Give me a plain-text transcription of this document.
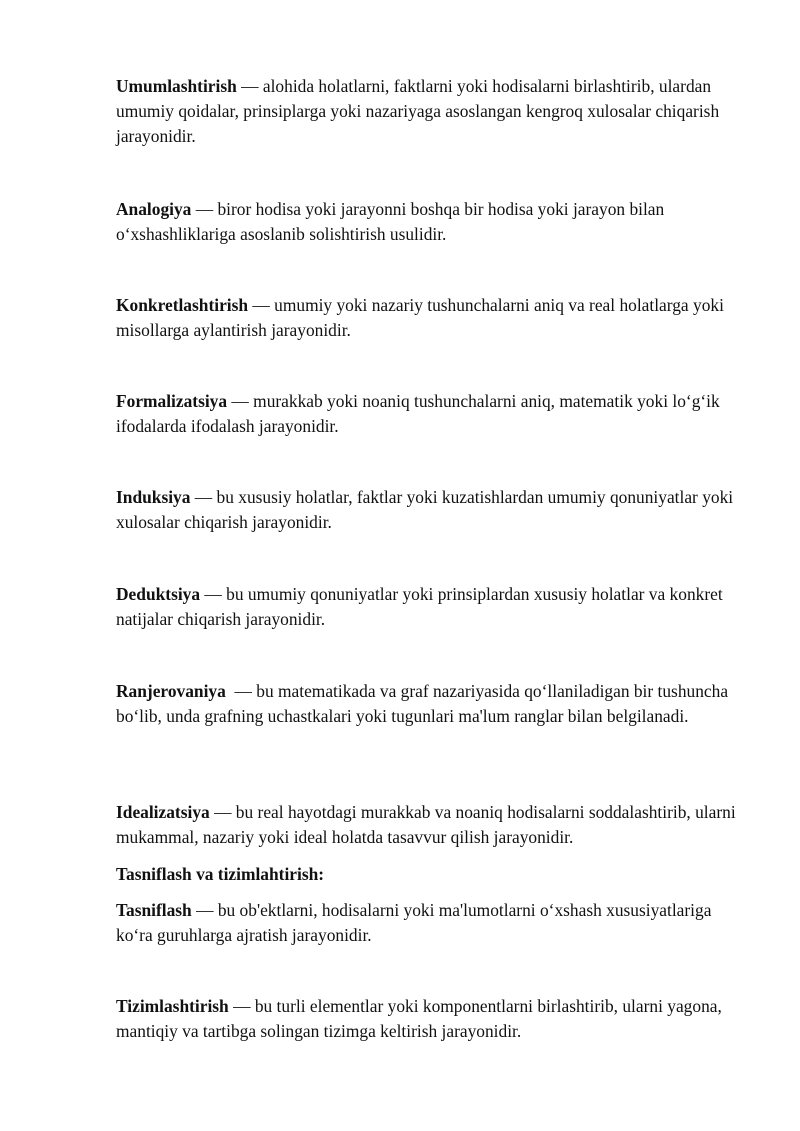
Umumlashtirish — alohida holatlarni, faktlarni yoki hodisalarni birlashtirib, ulardan umumiy qoidalar, prinsiplarga yoki nazariyaga asoslangan kengroq xulosalar chiqarish jarayonidir.

Analogiya — biror hodisa yoki jarayonni boshqa bir hodisa yoki jarayon bilan o‘xshashliklariga asoslanib solishtirish usulidir.

Konkretlashtirish — umumiy yoki nazariy tushunchalarni aniq va real holatlarga yoki misollarga aylantirish jarayonidir.

Formalizatsiya — murakkab yoki noaniq tushunchalarni aniq, matematik yoki lo‘g‘ik ifodalarda ifodalash jarayonidir.

Induksiya — bu xususiy holatlar, faktlar yoki kuzatishlardan umumiy qonuniyatlar yoki xulosalar chiqarish jarayonidir.

Deduktsiya — bu umumiy qonuniyatlar yoki prinsiplardan xususiy holatlar va konkret natijalar chiqarish jarayonidir.

Ranjerovaniya  — bu matematikada va graf nazariyasida qo‘llaniladigan bir tushuncha bo‘lib, unda grafning uchastkalari yoki tugunlari ma'lum ranglar bilan belgilanadi.

Idealizatsiya — bu real hayotdagi murakkab va noaniq hodisalarni soddalashtirib, ularni mukammal, nazariy yoki ideal holatda tasavvur qilish jarayonidir.

Tasniflash va tizimlahtirish:

Tasniflash — bu ob'ektlarni, hodisalarni yoki ma'lumotlarni o‘xshash xususiyatlariga ko‘ra guruhlarga ajratish jarayonidir.

Tizimlashtirish — bu turli elementlar yoki komponentlarni birlashtirib, ularni yagona, mantiqiy va tartibga solingan tizimga keltirish jarayonidir.
